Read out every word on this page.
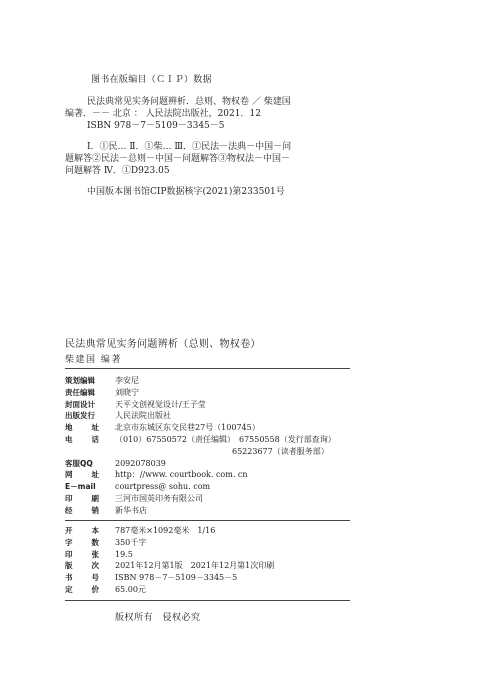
图书在版编目（ＣＩＰ）数据

民法典常见实务问题辨析．总则、物权卷 ／ 柴建国

编著．－－ 北京 ： 人民法院出版社，2021．12

ISBN 978－7－5109－3345－5

Ⅰ．①民… Ⅱ．①柴… Ⅲ．①民法－法典－中国－问

题解答②民法－总则－中国－问题解答③物权法－中国－

问题解答 Ⅳ．①D923.05

中国版本图书馆CIP数据核字(2021)第233501号

民法典常见实务问题辨析（总则、物权卷）
柴建国 编著
策划编辑	李安尼
责任编辑	刘晓宁
封面设计	天平文创视觉设计/王子莹
出版发行	人民法院出版社
地址 北京市东城区东交民巷27号（100745）
电话 （010）67550572（责任编辑）　67550558（发行部查询）
65223677（读者服务部）
客服QQ	2092078039
网址 http：//www. courtbook. com. cn
E－mail	courtpress@ sohu. com
印刷 三河市国英印务有限公司
经销 新华书店
开本 787毫米×1092毫米　1/16
字数 350千字
印张 19.5
版次 2021年12月第1版　2021年12月第1次印刷
书号 ISBN 978－7－5109－3345－5
定价 65.00元
版权所有　侵权必究
